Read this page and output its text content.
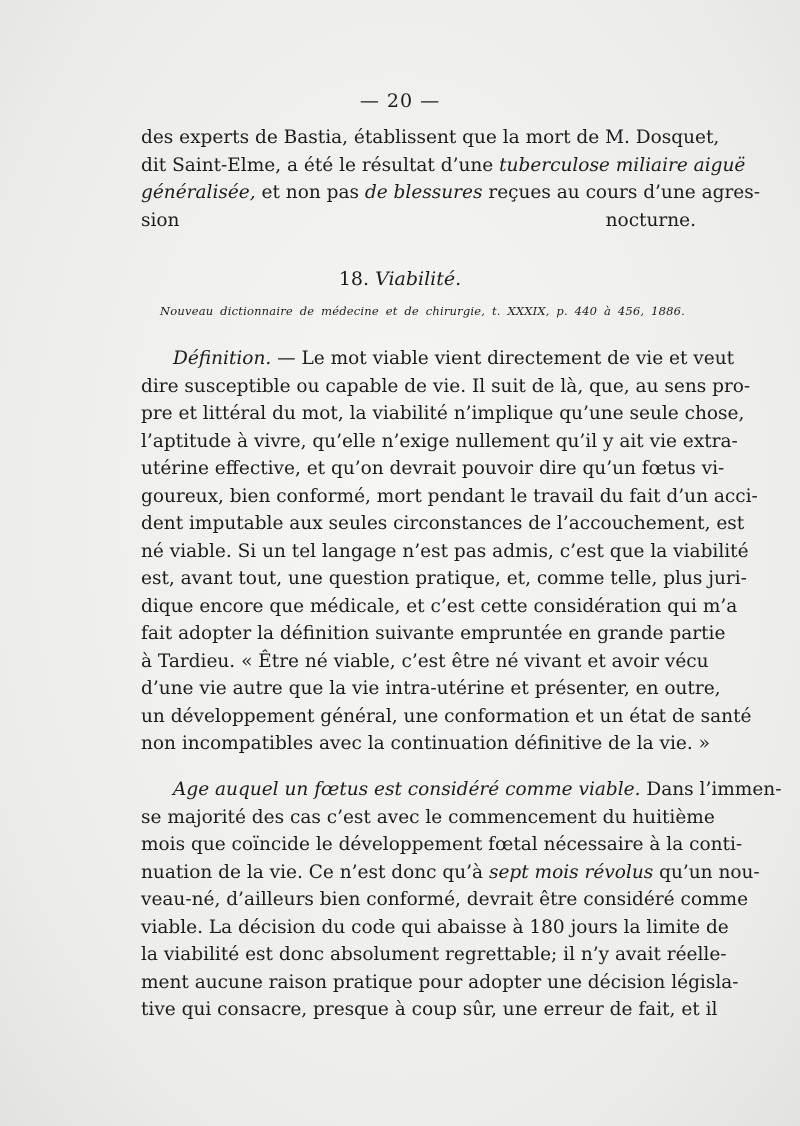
— 20 —
des experts de Bastia, établissent que la mort de M. Dosquet,
dit Saint-Elme, a été le résultat d’une tuberculose miliaire aiguë
généralisée, et non pas de blessures reçues au cours d’une agres-
sion nocturne.
18. Viabilité.
Nouveau dictionnaire de médecine et de chirurgie, t. XXXIX, p. 440 à 456, 1886.
Définition. — Le mot viable vient directement de vie et veut
dire susceptible ou capable de vie. Il suit de là, que, au sens pro-
pre et littéral du mot, la viabilité n’implique qu’une seule chose,
l’aptitude à vivre, qu’elle n’exige nullement qu’il y ait vie extra-
utérine effective, et qu’on devrait pouvoir dire qu’un fœtus vi-
goureux, bien conformé, mort pendant le travail du fait d’un acci-
dent imputable aux seules circonstances de l’accouchement, est
né viable. Si un tel langage n’est pas admis, c’est que la viabilité
est, avant tout, une question pratique, et, comme telle, plus juri-
dique encore que médicale, et c’est cette considération qui m’a
fait adopter la définition suivante empruntée en grande partie
à Tardieu. « Être né viable, c’est être né vivant et avoir vécu
d’une vie autre que la vie intra-utérine et présenter, en outre,
un développement général, une conformation et un état de santé
non incompatibles avec la continuation définitive de la vie. »
Age auquel un fœtus est considéré comme viable. Dans l’immen-
se majorité des cas c’est avec le commencement du huitième
mois que coïncide le développement fœtal nécessaire à la conti-
nuation de la vie. Ce n’est donc qu’à sept mois révolus qu’un nou-
veau-né, d’ailleurs bien conformé, devrait être considéré comme
viable. La décision du code qui abaisse à 180 jours la limite de
la viabilité est donc absolument regrettable; il n’y avait réelle-
ment aucune raison pratique pour adopter une décision législa-
tive qui consacre, presque à coup sûr, une erreur de fait, et il
